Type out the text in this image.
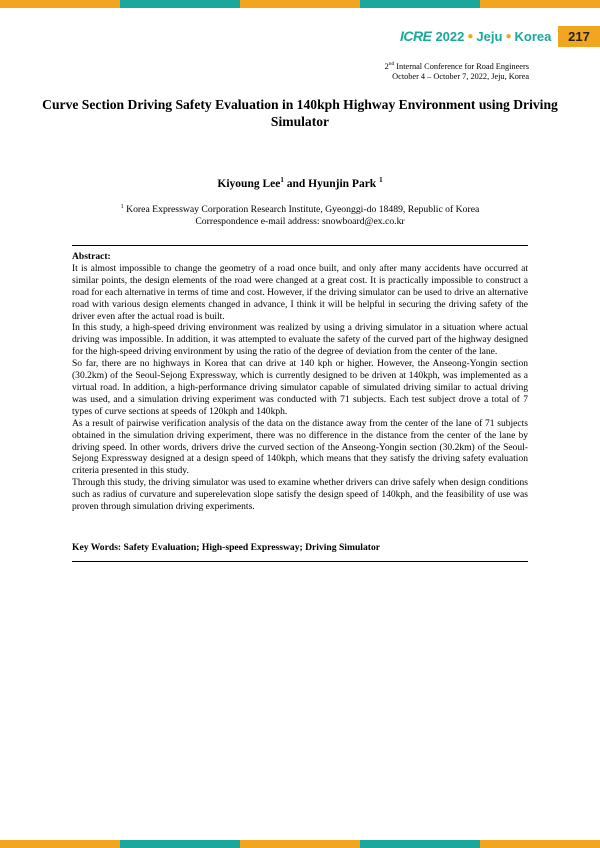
ICRE 2022 ● Jeju ● Korea	217
2nd Internal Conference for Road Engineers
October 4 – October 7, 2022, Jeju, Korea
Curve Section Driving Safety Evaluation in 140kph Highway Environment using Driving Simulator
Kiyoung Lee$^1$ and Hyunjin Park $^1$
$^1$ Korea Expressway Corporation Research Institute, Gyeonggi-do 18489, Republic of Korea
Correspondence e-mail address: snowboard@ex.co.kr
Abstract:

It is almost impossible to change the geometry of a road once built, and only after many accidents have occurred at similar points, the design elements of the road were changed at a great cost. It is practically impossible to construct a road for each alternative in terms of time and cost. However, if the driving simulator can be used to drive an alternative road with various design elements changed in advance, I think it will be helpful in securing the driving safety of the driver even after the actual road is built.

In this study, a high-speed driving environment was realized by using a driving simulator in a situation where actual driving was impossible. In addition, it was attempted to evaluate the safety of the curved part of the highway designed for the high-speed driving environment by using the ratio of the degree of deviation from the center of the lane.

So far, there are no highways in Korea that can drive at 140 kph or higher. However, the Anseong-Yongin section (30.2km) of the Seoul-Sejong Expressway, which is currently designed to be driven at 140kph, was implemented as a virtual road. In addition, a high-performance driving simulator capable of simulated driving similar to actual driving was used, and a simulation driving experiment was conducted with 71 subjects. Each test subject drove a total of 7 types of curve sections at speeds of 120kph and 140kph.

As a result of pairwise verification analysis of the data on the distance away from the center of the lane of 71 subjects obtained in the simulation driving experiment, there was no difference in the distance from the center of the lane by driving speed. In other words, drivers drive the curved section of the Anseong-Yongin section (30.2km) of the Seoul-Sejong Expressway designed at a design speed of 140kph, which means that they satisfy the driving safety evaluation criteria presented in this study.

Through this study, the driving simulator was used to examine whether drivers can drive safely when design conditions such as radius of curvature and superelevation slope satisfy the design speed of 140kph, and the feasibility of use was proven through simulation driving experiments.

Key Words: Safety Evaluation; High-speed Expressway; Driving Simulator
